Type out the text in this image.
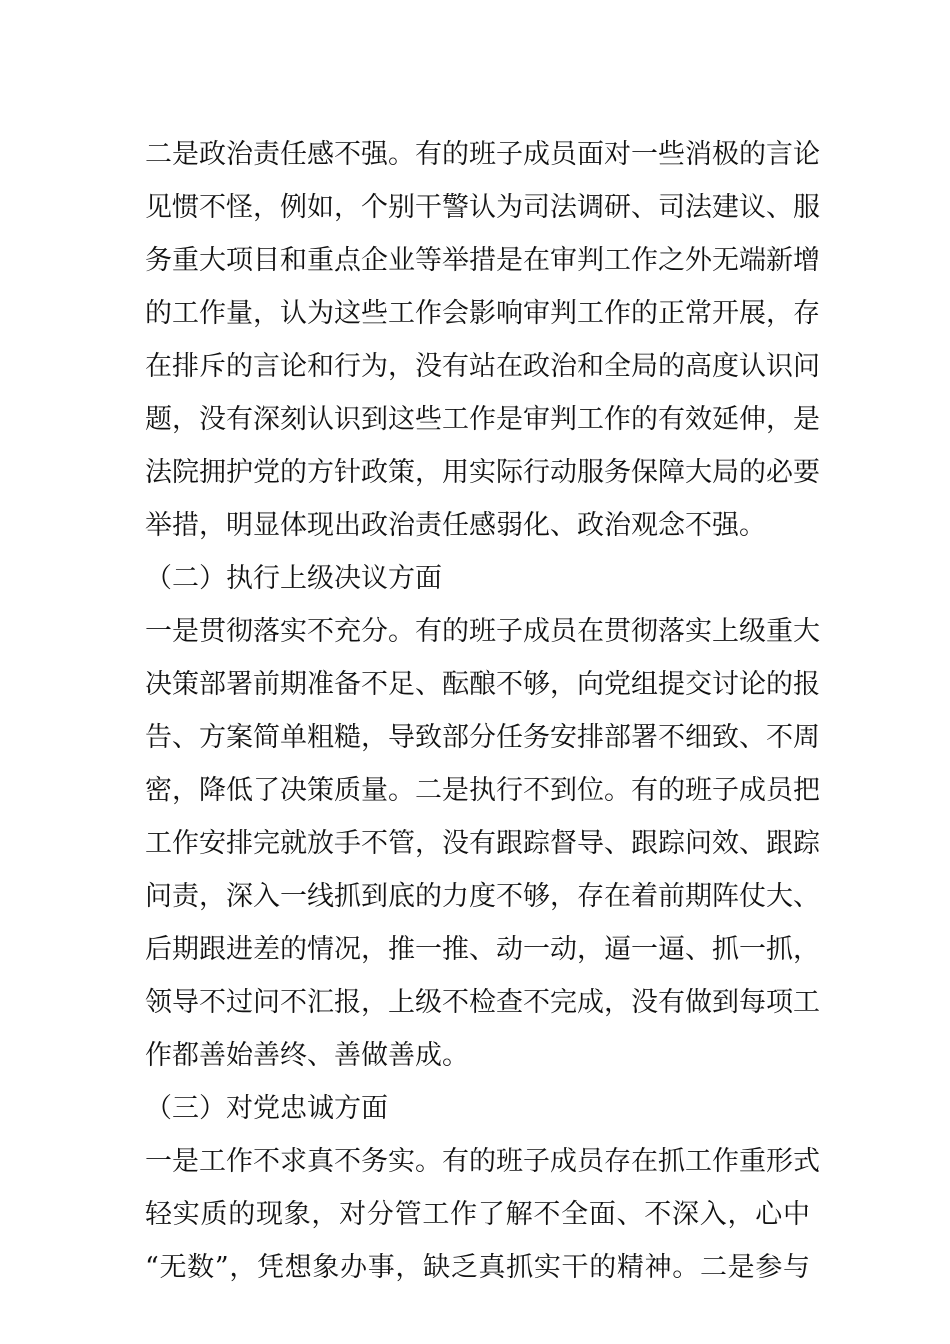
二是政治责任感不强。有的班子成员面对一些消极的言论
见惯不怪，例如，个别干警认为司法调研、司法建议、服
务重大项目和重点企业等举措是在审判工作之外无端新增
的工作量，认为这些工作会影响审判工作的正常开展，存
在排斥的言论和行为，没有站在政治和全局的高度认识问
题，没有深刻认识到这些工作是审判工作的有效延伸，是
法院拥护党的方针政策，用实际行动服务保障大局的必要
举措，明显体现出政治责任感弱化、政治观念不强。
（二）执行上级决议方面
一是贯彻落实不充分。有的班子成员在贯彻落实上级重大
决策部署前期准备不足、酝酿不够，向党组提交讨论的报
告、方案简单粗糙，导致部分任务安排部署不细致、不周
密，降低了决策质量。二是执行不到位。有的班子成员把
工作安排完就放手不管，没有跟踪督导、跟踪问效、跟踪
问责，深入一线抓到底的力度不够，存在着前期阵仗大、
后期跟进差的情况，推一推、动一动，逼一逼、抓一抓，
领导不过问不汇报，上级不检查不完成，没有做到每项工
作都善始善终、善做善成。
（三）对党忠诚方面
一是工作不求真不务实。有的班子成员存在抓工作重形式
轻实质的现象，对分管工作了解不全面、不深入，心中
“无数”，凭想象办事，缺乏真抓实干的精神。二是参与
